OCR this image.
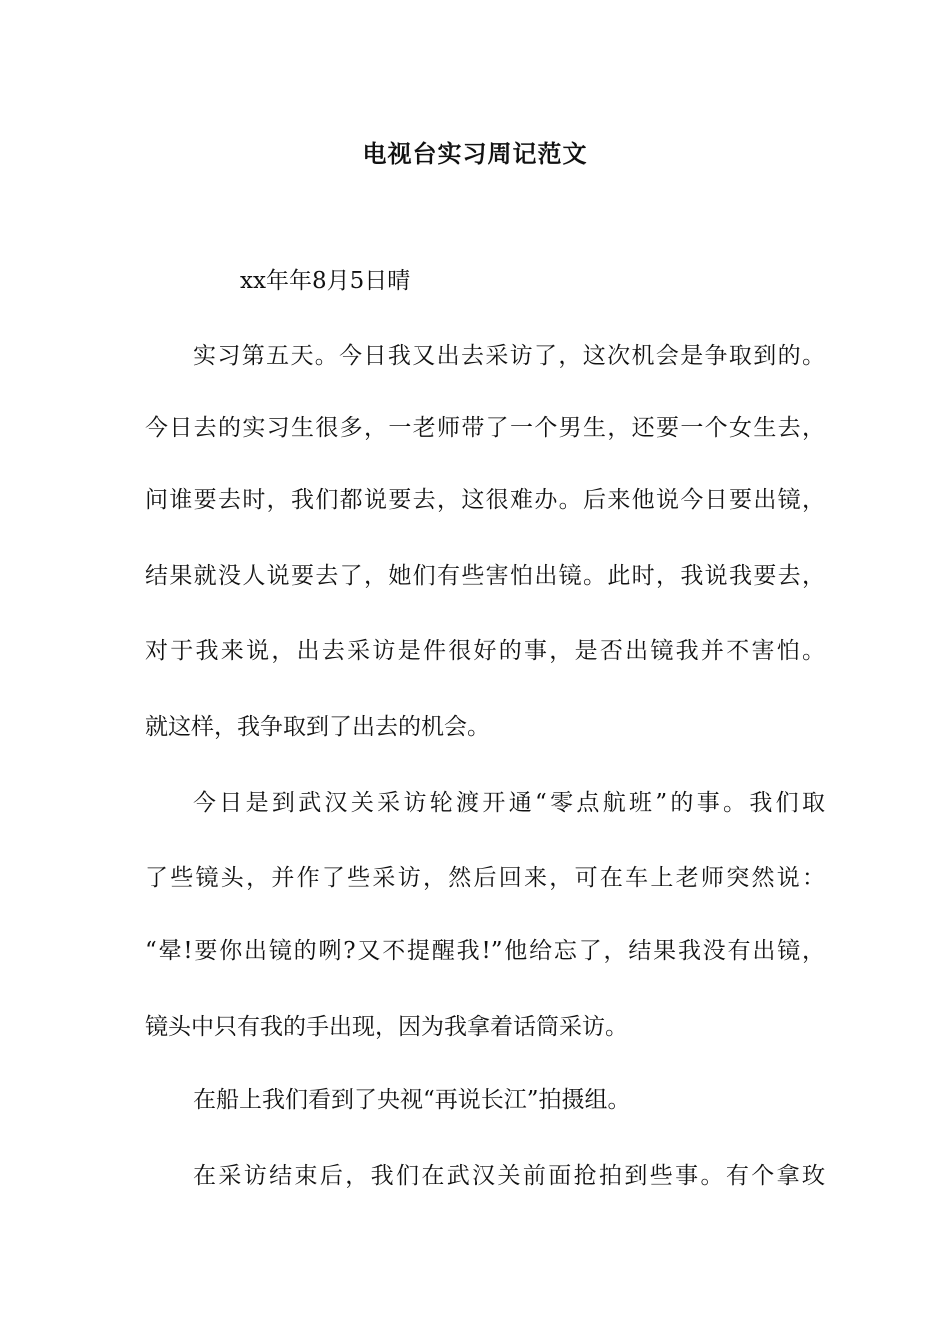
电视台实习周记范文
xx年年8月5日晴
实习第五天。今日我又出去采访了，这次机会是争取到的。
今日去的实习生很多，一老师带了一个男生，还要一个女生去，
问谁要去时，我们都说要去，这很难办。后来他说今日要出镜，
结果就没人说要去了，她们有些害怕出镜。此时，我说我要去，
对于我来说，出去采访是件很好的事，是否出镜我并不害怕。
就这样，我争取到了出去的机会。
今日是到武汉关采访轮渡开通“零点航班”的事。我们取
了些镜头，并作了些采访，然后回来，可在车上老师突然说：
“晕!要你出镜的咧?又不提醒我!”他给忘了，结果我没有出镜，
镜头中只有我的手出现，因为我拿着话筒采访。
在船上我们看到了央视“再说长江”拍摄组。
在采访结束后，我们在武汉关前面抢拍到些事。有个拿玫
